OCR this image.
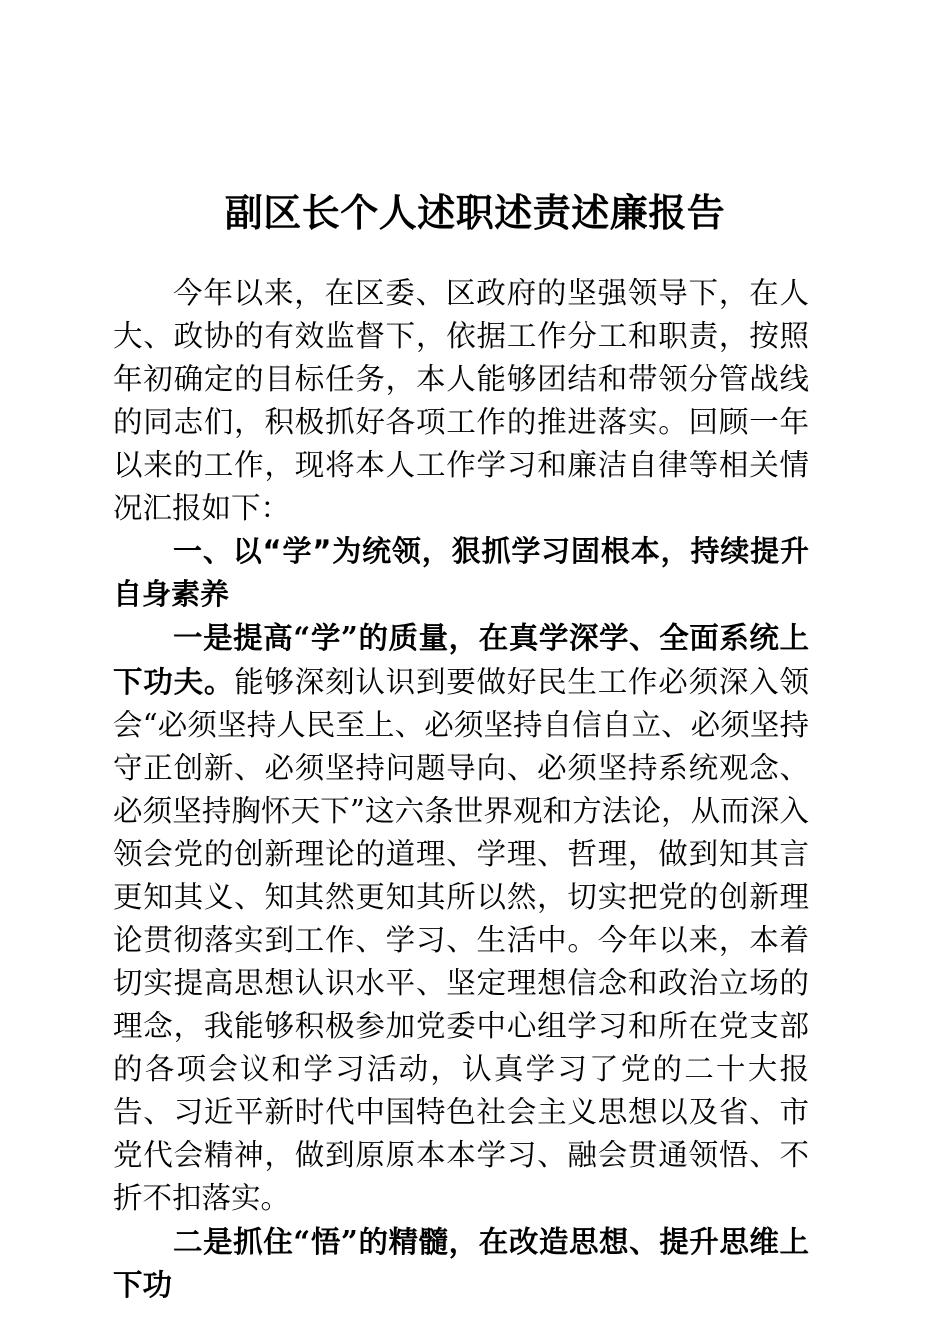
副区长个人述职述责述廉报告

今年以来，在区委、区政府的坚强领导下，在人大、政协的有效监督下，依据工作分工和职责，按照年初确定的目标任务，本人能够团结和带领分管战线的同志们，积极抓好各项工作的推进落实。回顾一年以来的工作，现将本人工作学习和廉洁自律等相关情况汇报如下：

一、以“学”为统领，狠抓学习固根本，持续提升自身素养

一是提高“学”的质量，在真学深学、全面系统上下功夫。能够深刻认识到要做好民生工作必须深入领会“必须坚持人民至上、必须坚持自信自立、必须坚持守正创新、必须坚持问题导向、必须坚持系统观念、必须坚持胸怀天下”这六条世界观和方法论，从而深入领会党的创新理论的道理、学理、哲理，做到知其言更知其义、知其然更知其所以然，切实把党的创新理论贯彻落实到工作、学习、生活中。今年以来，本着切实提高思想认识水平、坚定理想信念和政治立场的理念，我能够积极参加党委中心组学习和所在党支部的各项会议和学习活动，认真学习了党的二十大报告、习近平新时代中国特色社会主义思想以及省、市党代会精神，做到原原本本学习、融会贯通领悟、不折不扣落实。

二是抓住“悟”的精髓，在改造思想、提升思维上下功
